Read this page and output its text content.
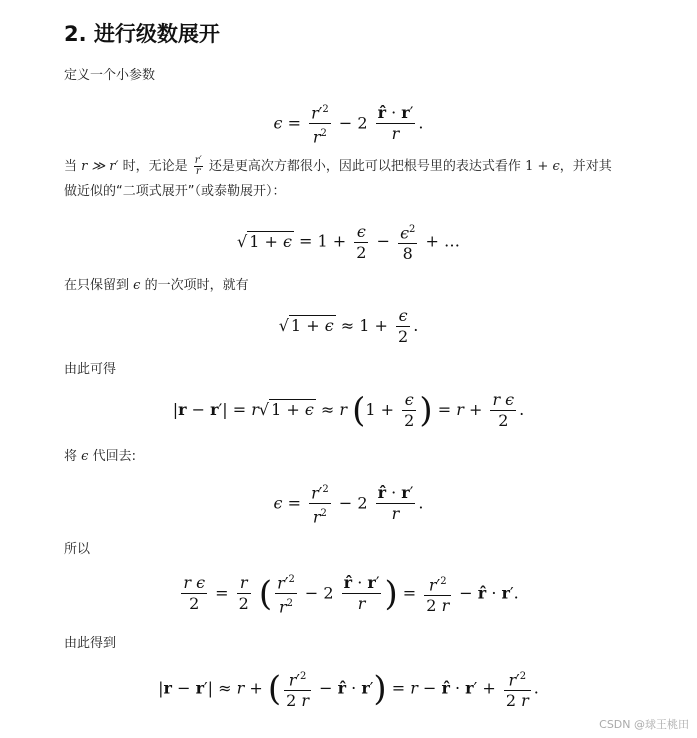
2. 进行级数展开

定义一个小参数

$\epsilon = \frac{r'^2}{r^2} - 2 \frac{r̂ \cdot r'}{r}$ .
当 r ≫ r′ 时，无论是 $\frac{r'}{r}$ 还是更高次方都很小，因此可以把根号里的表达式看作 1 + ϵ，并对其

做近似的“二项式展开”（或泰勒展开）：

√ $1 + \epsilon = 1 + \frac{\epsilon}{2} - \frac{\epsilon^2}{8}$ + …
在只保留到 ϵ 的一次项时，就有
√ $1 + \epsilon \approx 1 + \frac{\epsilon}{2}$ .

由此可得

|r − r′| = r√ 1 + ϵ ≈ r ($1 + \frac{\epsilon}{2}$ ) = $r + \frac{\text{r ϵ}}{2}$ .
将 ϵ 代回去:
$\epsilon = \frac{r'^2}{r^2} - 2 \frac{r̂ \cdot r'}{r}$ .

所以

$\frac{\text{r ϵ}}{2} = \frac{r}{2}$ ( $\frac{r'^2}{r^2} - 2 \frac{r̂ \cdot r'}{r}$ ) = $\frac{r'^2}{2 r}$ − r̂ · r′.

由此得到

|r − r′| ≈ r + ( $\frac{r'^2}{2 r}$ − r̂ · r′) = r − r̂ · $r' + \frac{r'^2}{2 r}$ .
CSDN @球王桃田
